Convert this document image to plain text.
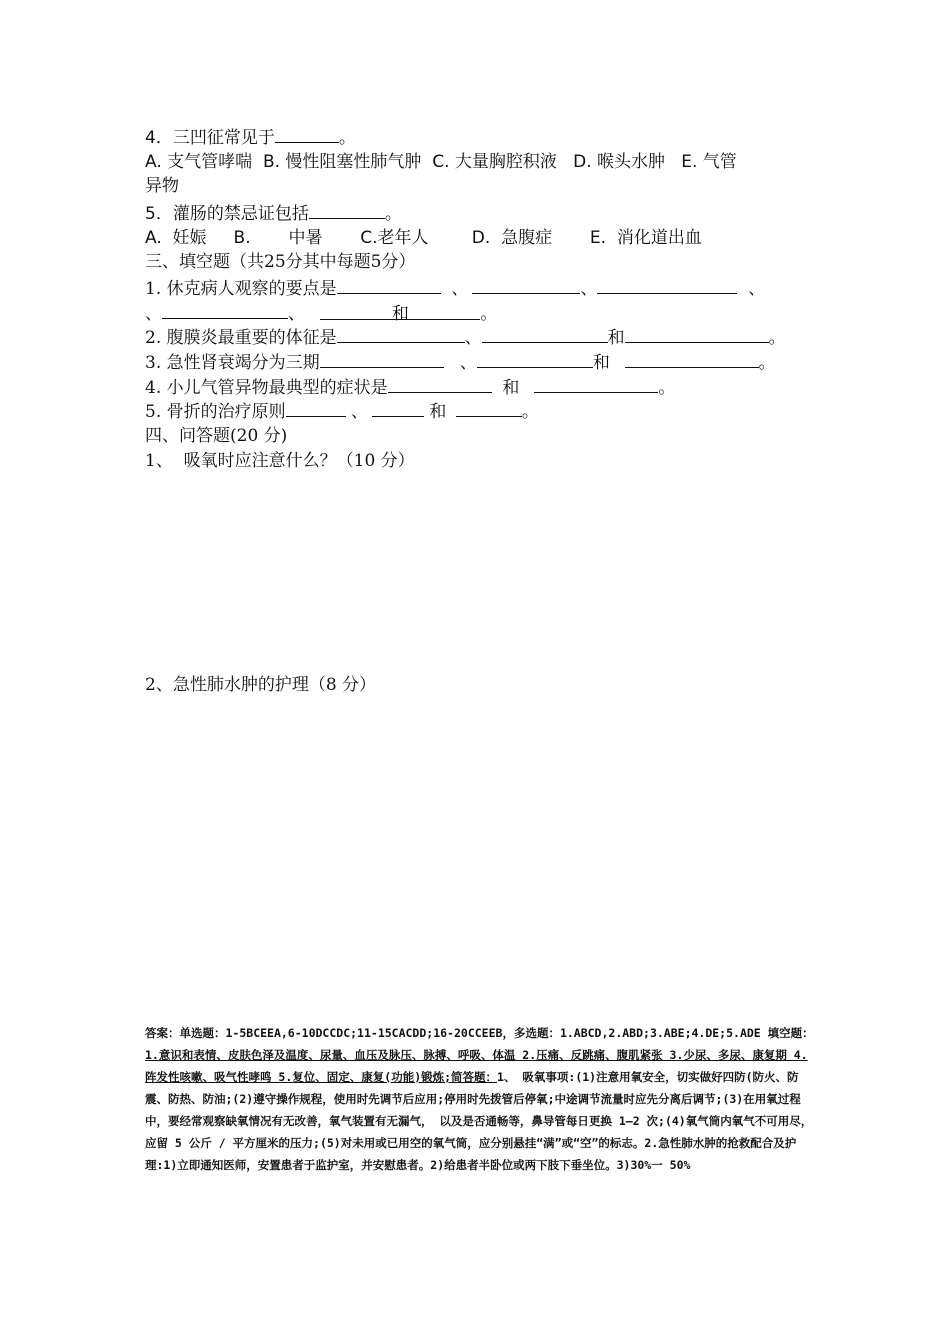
4．三凹征常见于	。
A. 支气管哮喘  B. 慢性阻塞性肺气肿  C. 大量胸腔积液   D. 喉头水肿   E. 气管
异物
5．灌肠的禁忌证包括	。
A.  妊娠     B.       中暑       C.老年人        D.  急腹症       E.  消化道出血
三、填空题（共25分其中每题5分）
1. 休克病人观察的要点是	、	、	、
、	、	和	。
2. 腹膜炎最重要的体征是	、	和	。
3. 急性肾衰竭分为三期	、	和	。
4. 小儿气管异物最典型的症状是	和	。
5. 骨折的治疗原则	、	和	。
四、问答题(20 分)
1、  吸氧时应注意什么？（10 分）
2、急性肺水肿的护理（8 分）
答案：单选题：1-5BCEEA,6-10DCCDC;11-15CACDD;16-20CCEEB，多选题：1.ABCD,2.ABD;3.ABE;4.DE;5.ADE 填空题：1.意识和表情、皮肤色泽及温度、尿量、血压及脉压、脉搏、呼吸、体温 2.压痛、反跳痛、腹肌紧张 3.少尿、多尿、康复期 4.阵发性咳嗽、吸气性哮鸣 5.复位、固定、康复(功能)锻炼;简答题：1、 吸氧事项:(1)注意用氧安全，切实做好四防(防火、防震、防热、防油;(2)遵守操作规程，使用时先调节后应用;停用时先拨管后停氧;中途调节流量时应先分离后调节;(3)在用氧过程中，要经常观察缺氧情况有无改善，氧气装置有无漏气， 以及是否通畅等，鼻导管每日更换 1—2 次;(4)氧气筒内氧气不可用尽，应留 5 公斤 / 平方厘米的压力;(5)对未用或已用空的氧气筒，应分别悬挂“满”或“空”的标志。2.急性肺水肿的抢救配合及护理:1)立即通知医师，安置患者于监护室，并安慰患者。2)给患者半卧位或两下肢下垂坐位。3)30%一 50%
